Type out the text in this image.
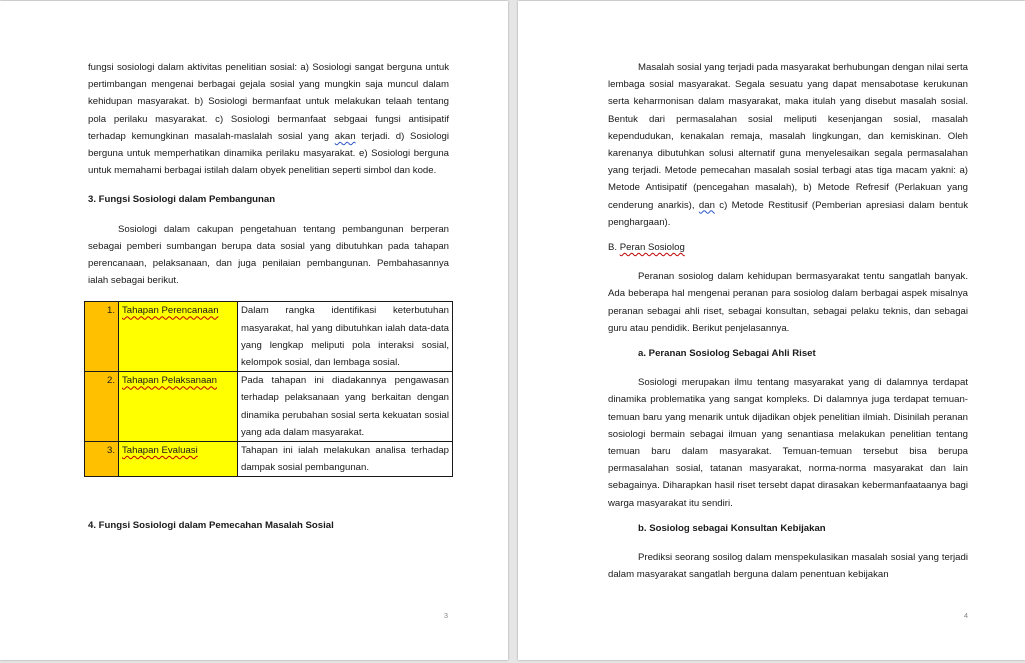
fungsi sosiologi dalam aktivitas penelitian sosial: a) Sosiologi sangat berguna untuk pertimbangan mengenai berbagai gejala sosial yang mungkin saja muncul dalam kehidupan masyarakat. b) Sosiologi bermanfaat untuk melakukan telaah tentang pola perilaku masyarakat. c) Sosiologi bermanfaat sebgaai fungsi antisipatif terhadap kemungkinan masalah-maslalah sosial yang akan terjadi. d) Sosiologi berguna untuk memperhatikan dinamika perilaku masyarakat. e) Sosiologi berguna untuk memahami berbagai istilah dalam obyek penelitian seperti simbol dan kode.

3. Fungsi Sosiologi dalam Pembangunan

Sosiologi dalam cakupan pengetahuan tentang pembangunan berperan sebagai pemberi sumbangan berupa data sosial yang dibutuhkan pada tahapan perencanaan, pelaksanaan, dan juga penilaian pembangunan. Pembahasannya ialah sebagai berikut.

1.	Tahapan Perencanaan	Dalam rangka identifikasi keterbutuhan masyarakat, hal yang dibutuhkan ialah data-data yang lengkap meliputi pola interaksi sosial, kelompok sosial, dan lembaga sosial.
2.	Tahapan Pelaksanaan	Pada tahapan ini diadakannya pengawasan terhadap pelaksanaan yang berkaitan dengan dinamika perubahan sosial serta kekuatan sosial yang ada dalam masyarakat.
3.	Tahapan Evaluasi	Tahapan ini ialah melakukan analisa terhadap dampak sosial pembangunan.

4. Fungsi Sosiologi dalam Pemecahan Masalah Sosial

3

Masalah sosial yang terjadi pada masyarakat berhubungan dengan nilai serta lembaga sosial masyarakat. Segala sesuatu yang dapat mensabotase kerukunan serta keharmonisan dalam masyarakat, maka itulah yang disebut masalah sosial. Bentuk dari permasalahan sosial meliputi kesenjangan sosial, masalah kependudukan, kenakalan remaja, masalah lingkungan, dan kemiskinan. Oleh karenanya dibutuhkan solusi alternatif guna menyelesaikan segala permasalahan yang terjadi. Metode pemecahan masalah sosial terbagi atas tiga macam yakni: a) Metode Antisipatif (pencegahan masalah), b) Metode Refresif (Perlakuan yang cenderung anarkis), dan c) Metode Restitusif (Pemberian apresiasi dalam bentuk penghargaan).

B. Peran Sosiolog

Peranan sosiolog dalam kehidupan bermasyarakat tentu sangatlah banyak. Ada beberapa hal mengenai peranan para sosiolog dalam berbagai aspek misalnya peranan sebagai ahli riset, sebagai konsultan, sebagai pelaku teknis, dan sebagai guru atau pendidik. Berikut penjelasannya.

a. Peranan Sosiolog Sebagai Ahli Riset

Sosiologi merupakan ilmu tentang masyarakat yang di dalamnya terdapat dinamika problematika yang sangat kompleks. Di dalamnya juga terdapat temuan-temuan baru yang menarik untuk dijadikan objek penelitian ilmiah. Disinilah peranan sosiologi bermain sebagai ilmuan yang senantiasa melakukan penelitian tentang temuan baru dalam masyarakat. Temuan-temuan tersebut bisa berupa permasalahan sosial, tatanan masyarakat, norma-norma masyarakat dan lain sebagainya. Diharapkan hasil riset tersebt dapat dirasakan kebermanfaataanya bagi warga masyarakat itu sendiri.

b. Sosiolog sebagai Konsultan Kebijakan

Prediksi seorang sosilog dalam menspekulasikan masalah sosial yang terjadi dalam masyarakat sangatlah berguna dalam penentuan kebijakan

4
